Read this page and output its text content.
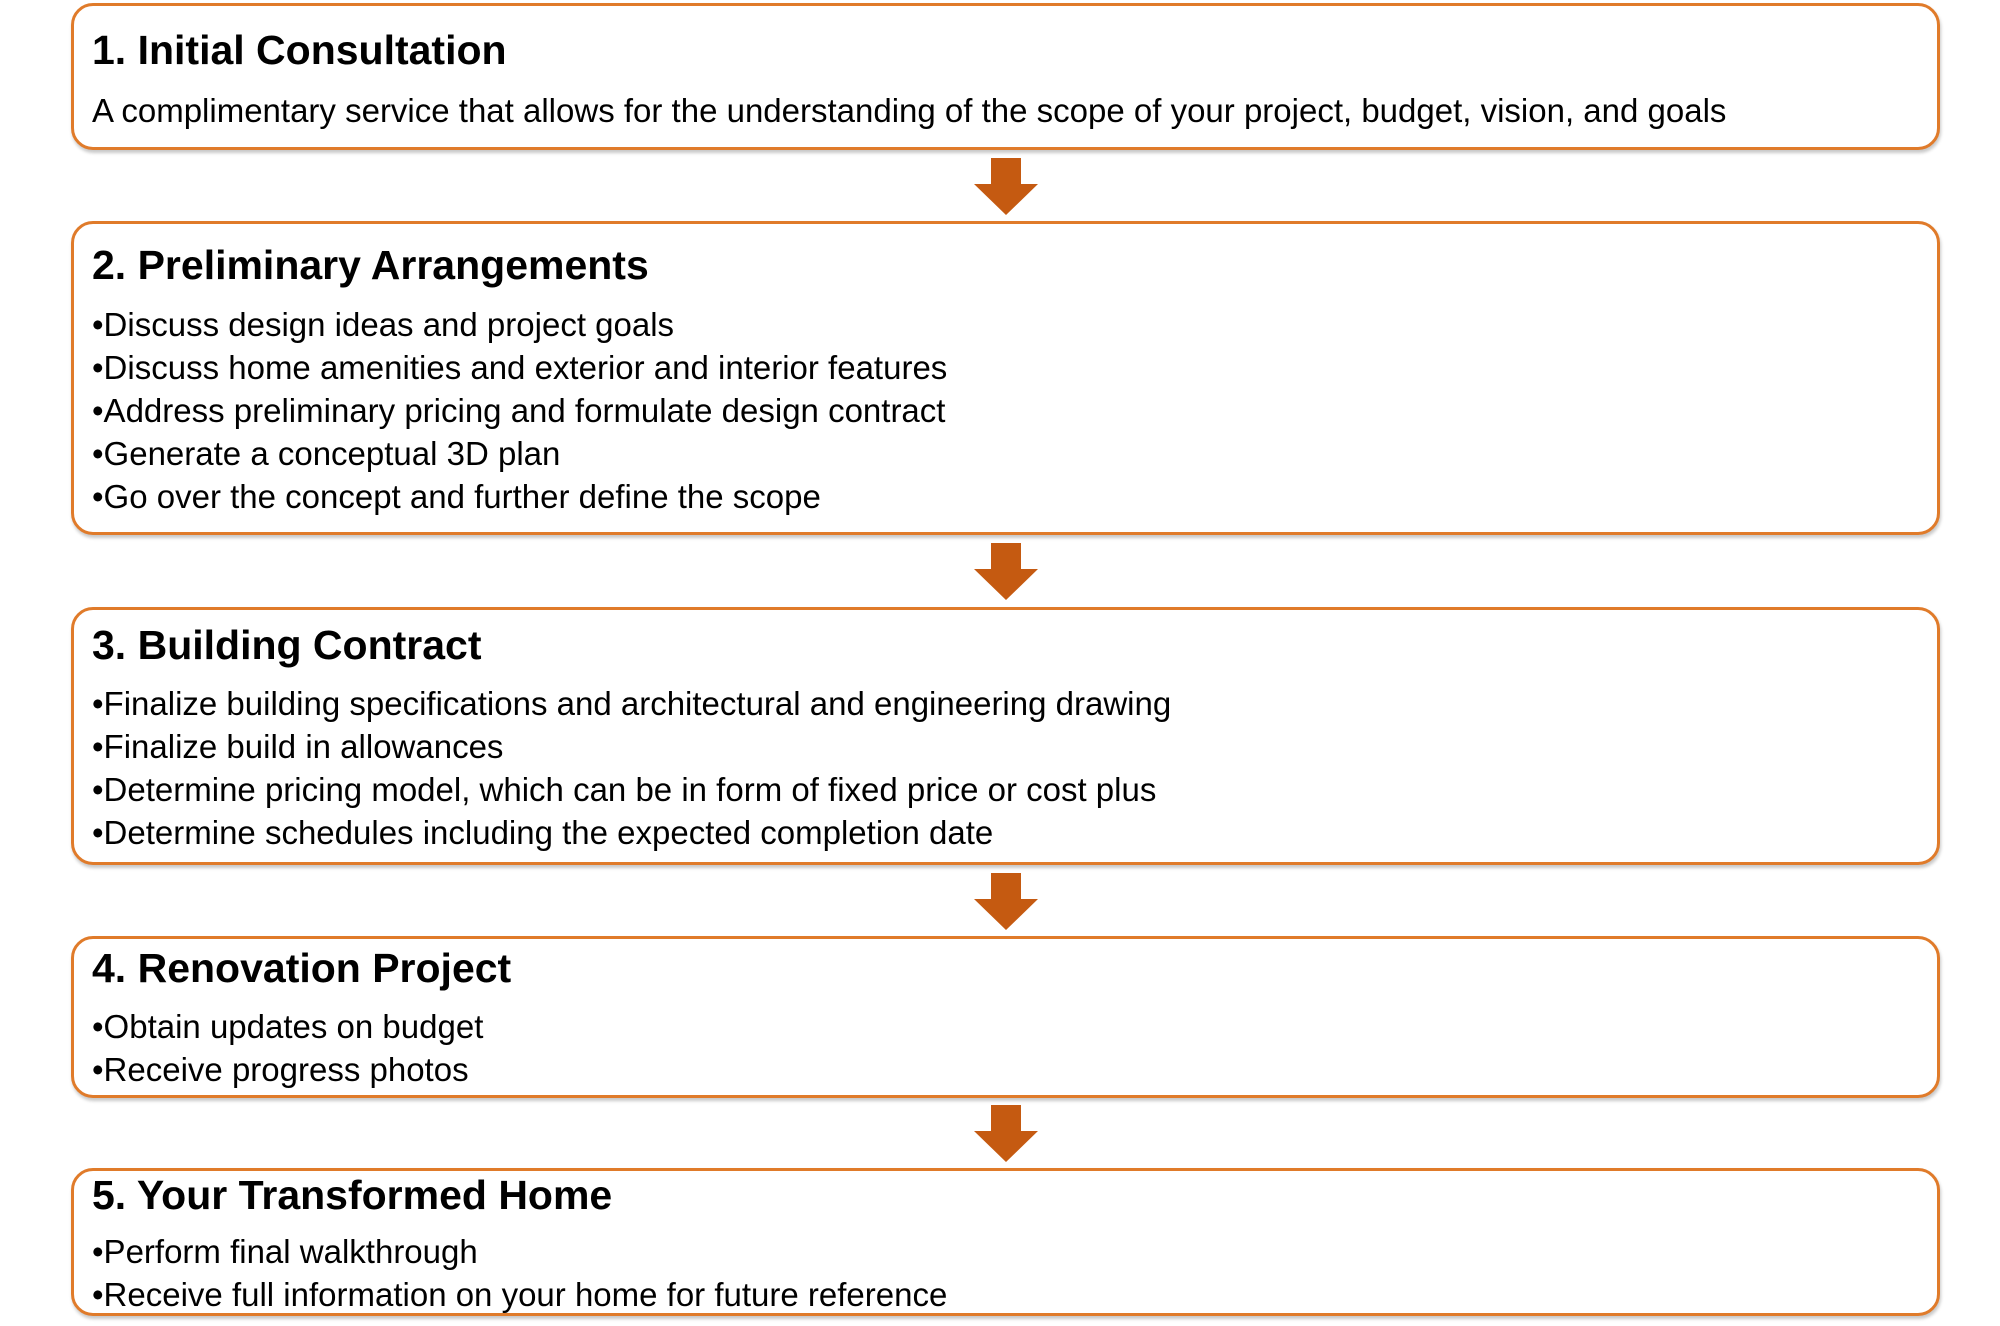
1. Initial Consultation
A complimentary service that allows for the understanding of the scope of your project, budget, vision, and goals
2. Preliminary Arrangements
•Discuss design ideas and project goals
•Discuss home amenities and exterior and interior features
•Address preliminary pricing and formulate design contract
•Generate a conceptual 3D plan
•Go over the concept and further define the scope
3. Building Contract
•Finalize building specifications and architectural and engineering drawing
•Finalize build in allowances
•Determine pricing model, which can be in form of fixed price or cost plus
•Determine schedules including the expected completion date
4. Renovation Project
•Obtain updates on budget
•Receive progress photos
5. Your Transformed Home
•Perform final walkthrough
•Receive full information on your home for future reference
